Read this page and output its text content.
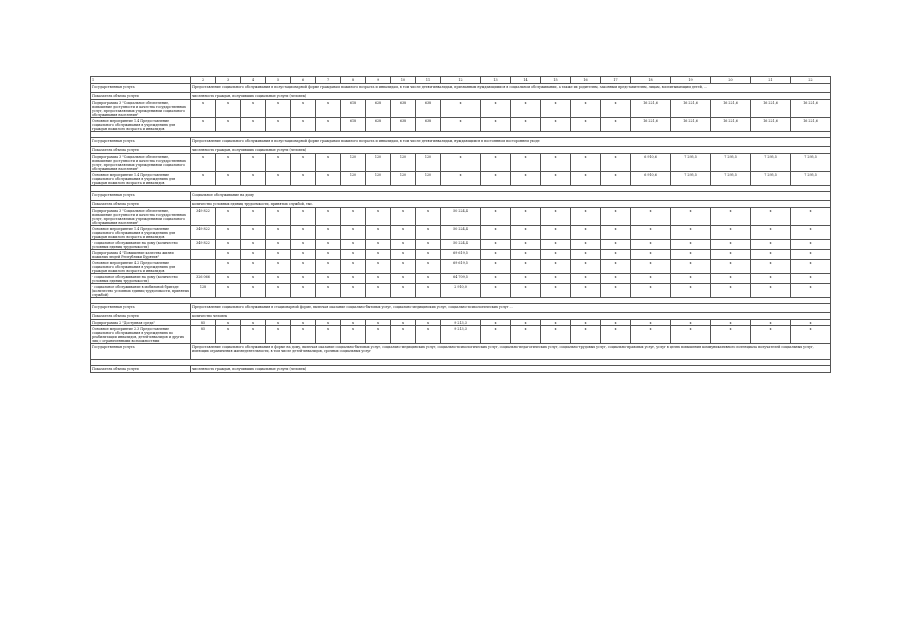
1	2	3	4	5	6	7	8	9	10	11	12	13	14	15	16	17	18	19	20	21	22
Государственная услуга	Предоставление социального обслуживания в полустационарной форме гражданам пожилого возраста и инвалидам, в том числе детям-инвалидам, признанным нуждающимися в социальном обслуживании, а также их родителям, законным представителям, лицам, воспитывающим детей, ...																				
Показатель объема услуги	численность граждан, получивших социальные услуги (человек)																				
Подпрограмма 3 "Социальное обеспечение, повышение доступности и качества государственных услуг, предоставляемых учреждениями социального обслуживания населения"	х	х	х	х	х	х	618	628	638	638	х	х	х	х	х	х	16 221,6	16 221,6	16 221,6	16 221,6	16 221,6
Основное мероприятие 1.4 Предоставление социального обслуживания в учреждениях для граждан пожилого возраста и инвалидов	х	х	х	х	х	х	618	628	638	638	х	х	х	х	х	х	16 221,6	16 221,6	16 221,6	16 221,6	16 221,6

Государственная услуга	Предоставление социального обслуживания в полустационарной форме гражданам пожилого возраста и инвалидам, в том числе детям-инвалидам, нуждающимся в постоянном постороннем уходе																				
Показатель объема услуги	численность граждан, получивших социальные услуги (человек)																				
Подпрограмма 3 "Социальное обеспечение, повышение доступности и качества государственных услуг, предоставляемых учреждениями социального обслуживания населения"	х	х	х	х	х	х	120	120	120	120	х	х	х	х	х	х	6 910,6	7 295,5	7 295,5	7 295,5	7 295,5
Основное мероприятие 1.4 Предоставление социального обслуживания в учреждениях для граждан пожилого возраста и инвалидов	х	х	х	х	х	х	120	120	120	120	х	х	х	х	х	х	6 910,6	7 295,5	7 295,5	7 295,5	7 295,5

Государственная услуга	Социальное обслуживание на дому																				
Показатель объема услуги	количество условных единиц трудоемкости, принятых службой, тыс.																				
Подпрограмма 3 "Социальное обеспечение, повышение доступности и качества государственных услуг, предоставляемых учреждениями социального обслуживания населения"	349 822	х	х	х	х	х	х	х	х	х	50 224,4	х	х	х	х	х	х	х	х	х	х
Основное мероприятие 1.4 Предоставление социального обслуживания в учреждениях для граждан пожилого возраста и инвалидов	349 822	х	х	х	х	х	х	х	х	х	50 224,4	х	х	х	х	х	х	х	х	х	х
- социальное обслуживание на дому (количество условных единиц трудоемкости)	349 822	х	х	х	х	х	х	х	х	х	50 224,4	х	х	х	х	х	х	х	х	х	х
Подпрограмма 4 "Повышение качества жизни пожилых людей Республики Бурятия"		х	х	х	х	х	х	х	х	х	69 619,5	х	х	х	х	х	х	х	х	х	х
Основное мероприятие 4.2 Предоставление социального обслуживания в учреждениях для граждан пожилого возраста и инвалидов		х	х	х	х	х	х	х	х	х	69 619,5	х	х	х	х	х	х	х	х	х	х
- социальное обслуживание на дому (количество условных единиц трудоемкости)	326 066	х	х	х	х	х	х	х	х	х	64 709,5	х	х	х	х	х	х	х	х	х	х
- социальное обслуживание в мобильной бригаде (количество условных единиц трудоемкости, принятых службой)	128	х	х	х	х	х	х	х	х	х	2 910,0	х	х	х	х	х	х	х	х	х	х

Государственная услуга	Предоставление социального обслуживания в стационарной форме, включая оказание социально-бытовых услуг, социально-медицинских услуг, социально-психологических услуг ...																				
Показатель объема услуги	количество человек																				
Подпрограмма 2 "Доступная среда"	85	х	х	х	х	х	х	х	х	х	9 213,3	х	х	х	х	х	х	х	х	х	х
Основное мероприятие 2.3 Предоставление социального обслуживания в учреждениях по реабилитации инвалидов, детей-инвалидов и других лиц с ограниченными возможностями	85	х	х	х	х	х	х	х	х	х	9 213,3	х	х	х	х	х	х	х	х	х	х
Государственная услуга	Предоставление социального обслуживания в форме на дому, включая оказание социально-бытовых услуг, социально-медицинских услуг, социально-психологических услуг, социально-педагогических услуг, социально-трудовых услуг, социально-правовых услуг, услуг в целях повышения коммуникативного потенциала получателей социальных услуг, имеющих ограничения жизнедеятельности, в том числе детей-инвалидов, срочных социальных услуг																				

Показатель объема услуги	численность граждан, получивших социальные услуги (человек)																				
